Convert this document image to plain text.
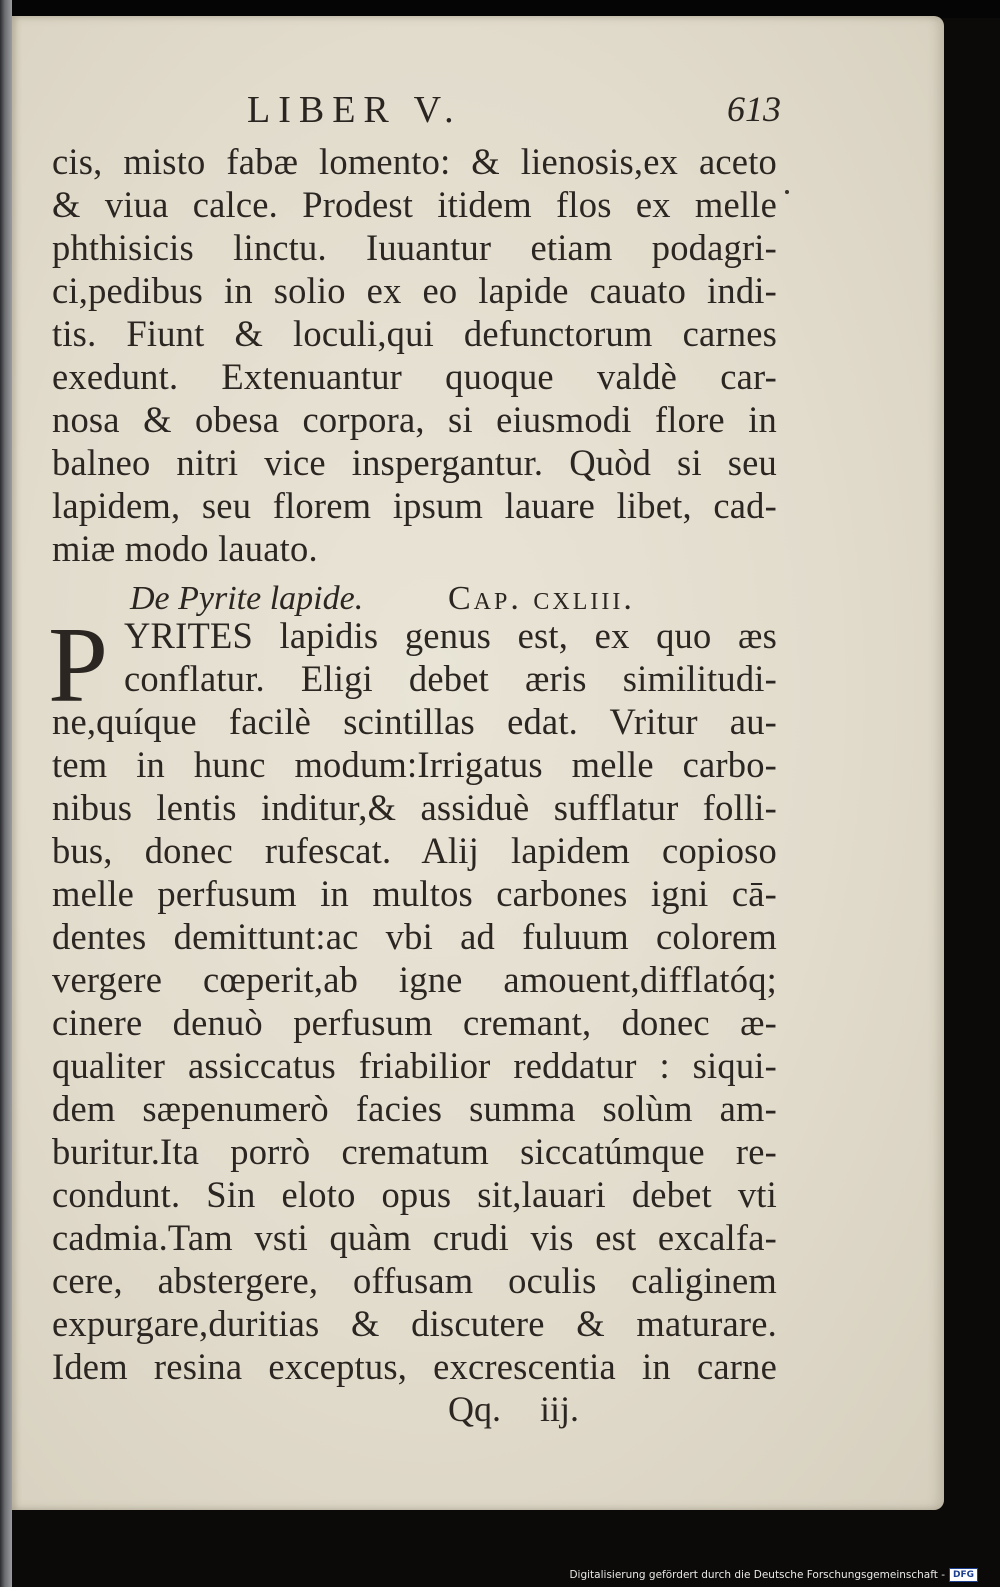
LIBER V.	613
cis, misto fabæ lomento: & lienosis,ex aceto
& viua calce. Prodest itidem flos ex melle
phthisicis linctu. Iuuantur etiam podagri-
ci,pedibus in solio ex eo lapide cauato indi-
tis. Fiunt & loculi,qui defunctorum carnes
exedunt. Extenuantur quoque valdè car-
nosa & obesa corpora, si eiusmodi flore in
balneo nitri vice inspergantur. Quòd si seu
lapidem, seu florem ipsum lauare libet, cad-
miæ modo lauato.
De Pyrite lapide. Cap. cxliii.
P YRITES lapidis genus est, ex quo æs
conflatur. Eligi debet æris similitudi-
ne,quíque facilè scintillas edat. Vritur au-
tem in hunc modum:Irrigatus melle carbo-
nibus lentis inditur,& assiduè sufflatur folli-
bus, donec rufescat. Alij lapidem copioso
melle perfusum in multos carbones igni cā-
dentes demittunt:ac vbi ad fuluum colorem
vergere cœperit,ab igne amouent,difflatóq;
cinere denuò perfusum cremant, donec æ-
qualiter assiccatus friabilior reddatur : siqui-
dem sæpenumerò facies summa solùm am-
buritur.Ita porrò crematum siccatúmque re-
condunt. Sin eloto opus sit,lauari debet vti
cadmia.Tam vsti quàm crudi vis est excalfa-
cere, abstergere, offusam oculis caliginem
expurgare,duritias & discutere & maturare.
Idem resina exceptus, excrescentia in carne
Qq. iij.
Digitalisierung gefördert durch die Deutsche Forschungsgemeinschaft - DFG
